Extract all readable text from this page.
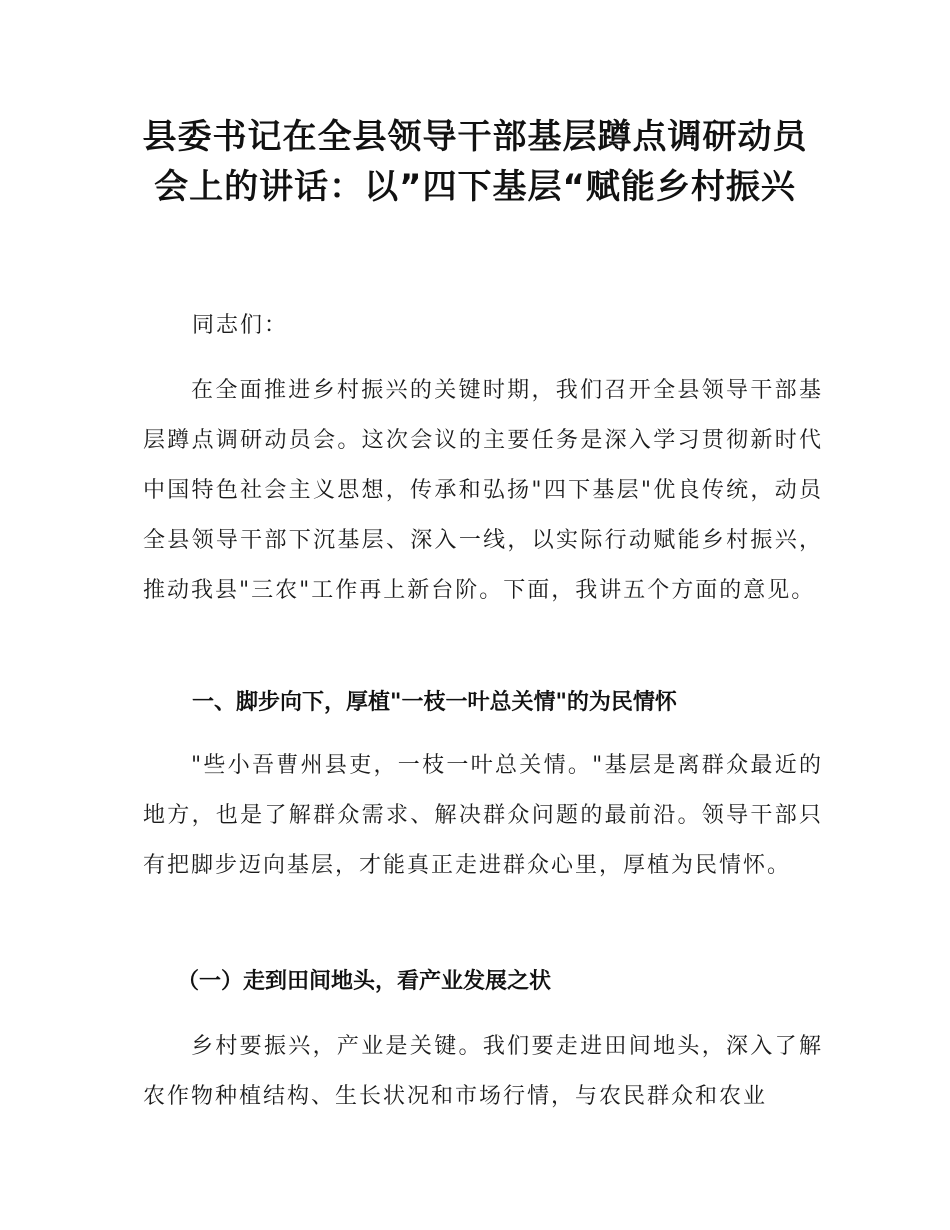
县委书记在全县领导干部基层蹲点调研动员
会上的讲话：以”四下基层“赋能乡村振兴
同志们：
在全面推进乡村振兴的关键时期，我们召开全县领导干部基层蹲点调研动员会。这次会议的主要任务是深入学习贯彻新时代中国特色社会主义思想，传承和弘扬"四下基层"优良传统，动员全县领导干部下沉基层、深入一线，以实际行动赋能乡村振兴，推动我县"三农"工作再上新台阶。下面，我讲五个方面的意见。
一、脚步向下，厚植"一枝一叶总关情"的为民情怀
"些小吾曹州县吏，一枝一叶总关情。"基层是离群众最近的地方，也是了解群众需求、解决群众问题的最前沿。领导干部只有把脚步迈向基层，才能真正走进群众心里，厚植为民情怀。
（一）走到田间地头，看产业发展之状
乡村要振兴，产业是关键。我们要走进田间地头，深入了解农作物种植结构、生长状况和市场行情，与农民群众和农业
